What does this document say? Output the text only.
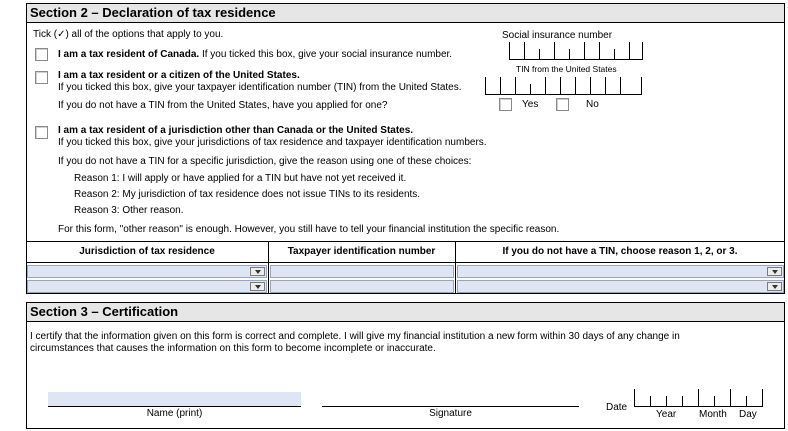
Section 2 – Declaration of tax residence
Tick (✓) all of the options that apply to you.	Social insurance number
I am a tax resident of Canada. If you ticked this box, give your social insurance number.
TIN from the United States
I am a tax resident or a citizen of the United States.
If you ticked this box, give your taxpayer identification number (TIN) from the United States.
If you do not have a TIN from the United States, have you applied for one?	Yes	No
I am a tax resident of a jurisdiction other than Canada or the United States.
If you ticked this box, give your jurisdictions of tax residence and taxpayer identification numbers.
If you do not have a TIN for a specific jurisdiction, give the reason using one of these choices:
Reason 1: I will apply or have applied for a TIN but have not yet received it.
Reason 2: My jurisdiction of tax residence does not issue TINs to its residents.
Reason 3: Other reason.
For this form, "other reason" is enough. However, you still have to tell your financial institution the specific reason.
Jurisdiction of tax residence	Taxpayer identification number	If you do not have a TIN, choose reason 1, 2, or 3.
Section 3 – Certification
I certify that the information given on this form is correct and complete. I will give my financial institution a new form within 30 days of any change in
circumstances that causes the information on this form to become incomplete or inaccurate.
Name (print)	Signature
Date
Year Month Day
